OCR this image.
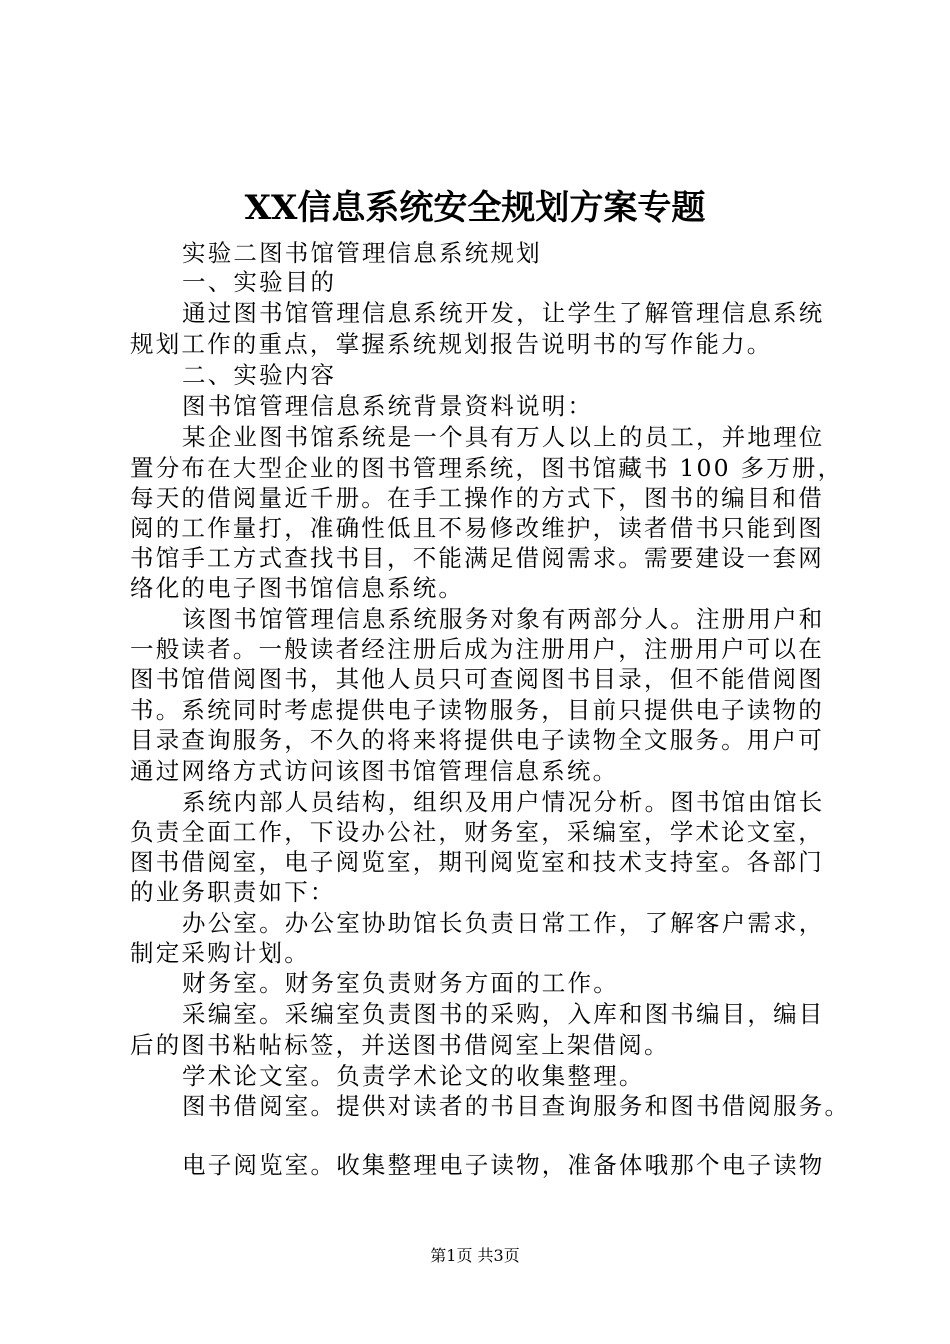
XX信息系统安全规划方案专题
实验二图书馆管理信息系统规划
一、实验目的
通过图书馆管理信息系统开发，让学生了解管理信息系统
规划工作的重点，掌握系统规划报告说明书的写作能力。
二、实验内容
图书馆管理信息系统背景资料说明：
某企业图书馆系统是一个具有万人以上的员工，并地理位
置分布在大型企业的图书管理系统，图书馆藏书 100 多万册，
每天的借阅量近千册。在手工操作的方式下，图书的编目和借
阅的工作量打，准确性低且不易修改维护，读者借书只能到图
书馆手工方式查找书目，不能满足借阅需求。需要建设一套网
络化的电子图书馆信息系统。
该图书馆管理信息系统服务对象有两部分人。注册用户和
一般读者。一般读者经注册后成为注册用户，注册用户可以在
图书馆借阅图书，其他人员只可查阅图书目录，但不能借阅图
书。系统同时考虑提供电子读物服务，目前只提供电子读物的
目录查询服务，不久的将来将提供电子读物全文服务。用户可
通过网络方式访问该图书馆管理信息系统。
系统内部人员结构，组织及用户情况分析。图书馆由馆长
负责全面工作，下设办公社，财务室，采编室，学术论文室，
图书借阅室，电子阅览室，期刊阅览室和技术支持室。各部门
的业务职责如下：
办公室。办公室协助馆长负责日常工作，了解客户需求，
制定采购计划。
财务室。财务室负责财务方面的工作。
采编室。采编室负责图书的采购，入库和图书编目，编目
后的图书粘帖标签，并送图书借阅室上架借阅。
学术论文室。负责学术论文的收集整理。
图书借阅室。提供对读者的书目查询服务和图书借阅服务。
电子阅览室。收集整理电子读物，准备体哦那个电子读物
第1页 共3页
